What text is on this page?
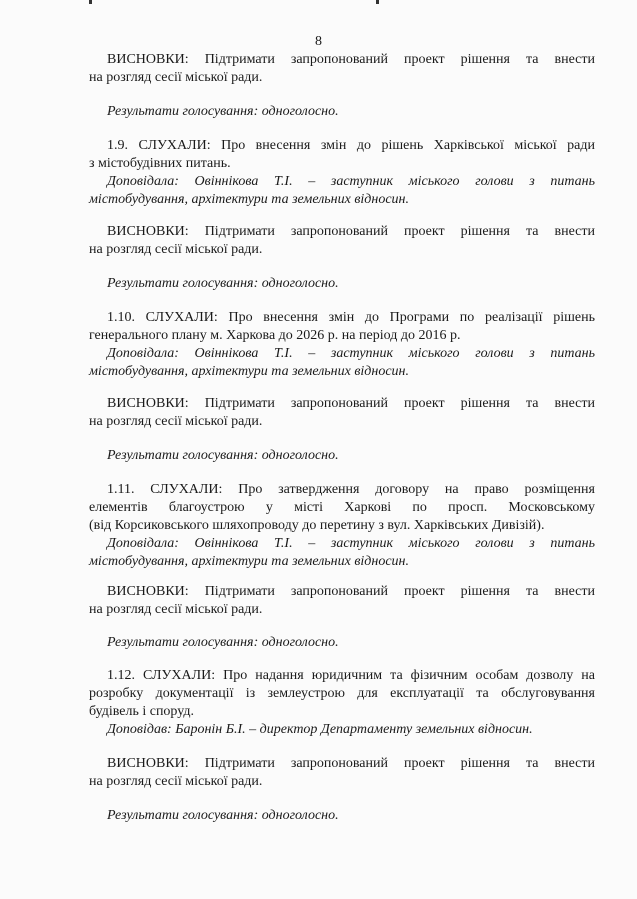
8

ВИСНОВКИ: Підтримати запропонований проект рішення та внести

на розгляд сесії міської ради.

Результати голосування: одноголосно.

1.9. СЛУХАЛИ: Про внесення змін до рішень Харківської міської ради

з містобудівних питань.

Доповідала: Овіннікова Т.І. – заступник міського голови з питань

містобудування, архітектури та земельних відносин.

ВИСНОВКИ: Підтримати запропонований проект рішення та внести

на розгляд сесії міської ради.

Результати голосування: одноголосно.

1.10. СЛУХАЛИ: Про внесення змін до Програми по реалізації рішень

генерального плану м. Харкова до 2026 р. на період до 2016 р.

Доповідала: Овіннікова Т.І. – заступник міського голови з питань

містобудування, архітектури та земельних відносин.

ВИСНОВКИ: Підтримати запропонований проект рішення та внести

на розгляд сесії міської ради.

Результати голосування: одноголосно.

1.11. СЛУХАЛИ: Про затвердження договору на право розміщення

елементів благоустрою у місті Харкові по просп. Московському

(від Корсиковського шляхопроводу до перетину з вул. Харківських Дивізій).

Доповідала: Овіннікова Т.І. – заступник міського голови з питань

містобудування, архітектури та земельних відносин.

ВИСНОВКИ: Підтримати запропонований проект рішення та внести

на розгляд сесії міської ради.

Результати голосування: одноголосно.

1.12. СЛУХАЛИ: Про надання юридичним та фізичним особам дозволу на

розробку документації із землеустрою для експлуатації та обслуговування

будівель і споруд.

Доповідав: Баронін Б.І. – директор Департаменту земельних відносин.

ВИСНОВКИ: Підтримати запропонований проект рішення та внести

на розгляд сесії міської ради.

Результати голосування: одноголосно.
